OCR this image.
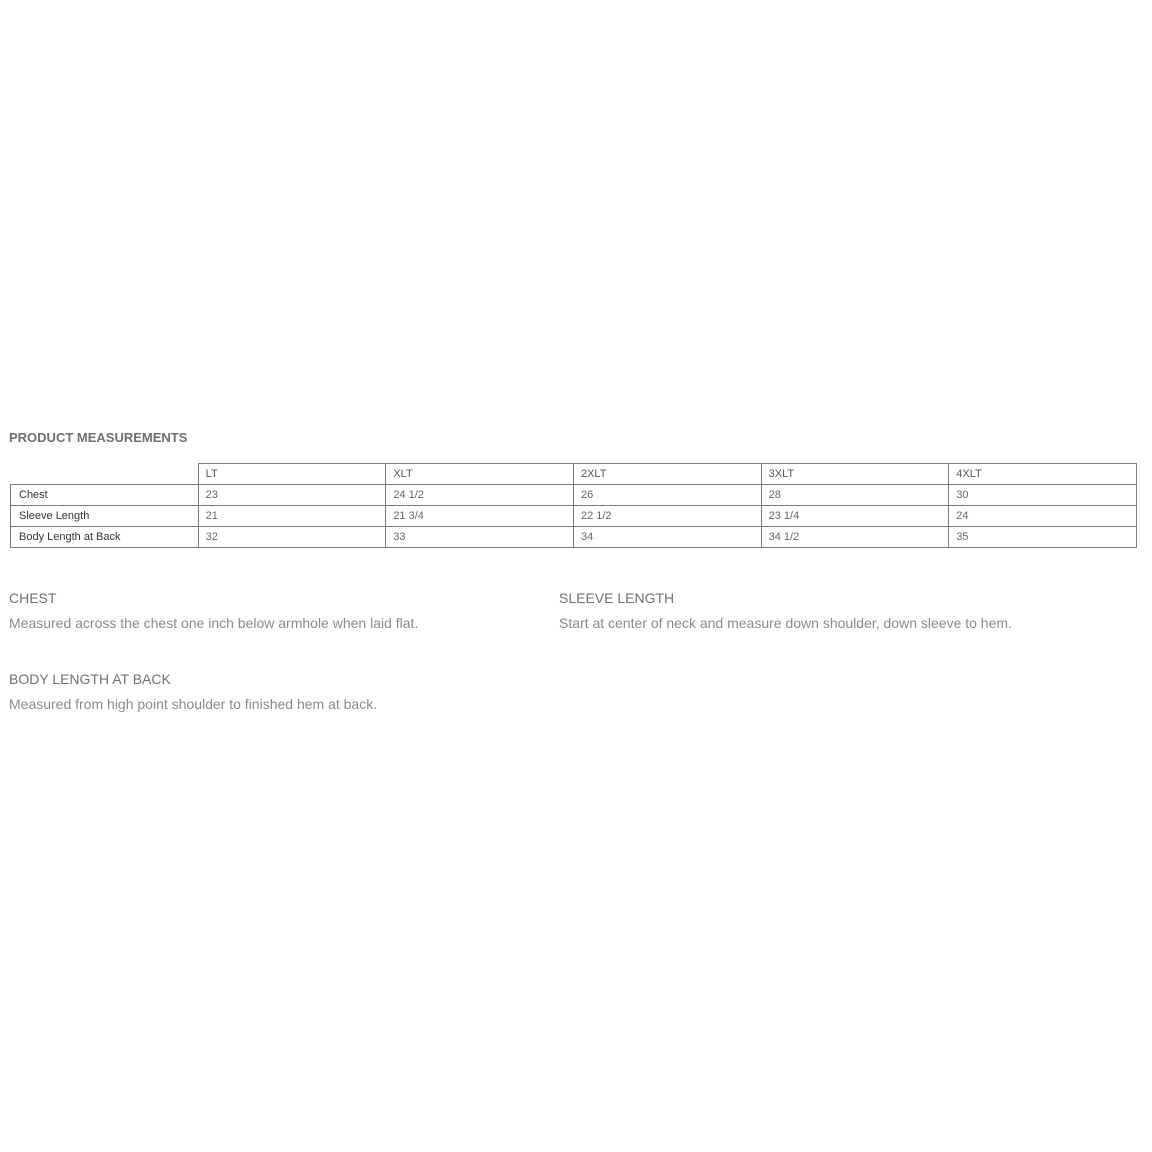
PRODUCT MEASUREMENTS
	LT	XLT	2XLT	3XLT	4XLT
Chest	23	24 1/2	26	28	30
Sleeve Length	21	21 3/4	22 1/2	23 1/4	24
Body Length at Back	32	33	34	34 1/2	35

CHEST

Measured across the chest one inch below armhole when laid flat.

SLEEVE LENGTH

Start at center of neck and measure down shoulder, down sleeve to hem.

BODY LENGTH AT BACK

Measured from high point shoulder to finished hem at back.
